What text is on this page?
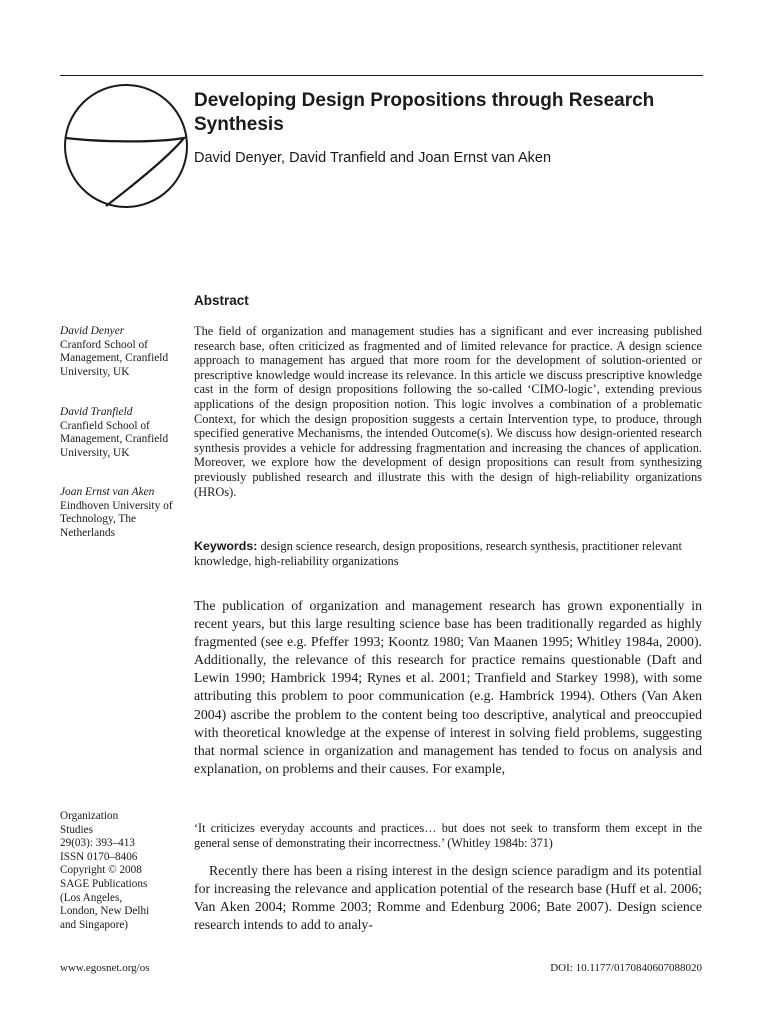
Developing Design Propositions through Research Synthesis

David Denyer, David Tranfield and Joan Ernst van Aken

Abstract

The field of organization and management studies has a significant and ever increasing published research base, often criticized as fragmented and of limited relevance for practice. A design science approach to management has argued that more room for the development of solution-oriented or prescriptive knowledge would increase its relevance. In this article we discuss prescriptive knowledge cast in the form of design propositions following the so-called ‘CIMO-logic’, extending previous applications of the design proposition notion. This logic involves a combination of a problematic Context, for which the design proposition suggests a certain Intervention type, to produce, through specified generative Mechanisms, the intended Outcome(s). We discuss how design-oriented research synthesis provides a vehicle for addressing fragmentation and increasing the chances of application. Moreover, we explore how the development of design propositions can result from synthesizing previously published research and illustrate this with the design of high-reliability organizations (HROs).

Keywords: design science research, design propositions, research synthesis, practitioner relevant knowledge, high-reliability organizations

The publication of organization and management research has grown exponentially in recent years, but this large resulting science base has been traditionally regarded as highly fragmented (see e.g. Pfeffer 1993; Koontz 1980; Van Maanen 1995; Whitley 1984a, 2000). Additionally, the relevance of this research for practice remains questionable (Daft and Lewin 1990; Hambrick 1994; Rynes et al. 2001; Tranfield and Starkey 1998), with some attributing this problem to poor communication (e.g. Hambrick 1994). Others (Van Aken 2004) ascribe the problem to the content being too descriptive, analytical and preoccupied with theoretical knowledge at the expense of interest in solving field problems, suggesting that normal science in organization and management has tended to focus on analysis and explanation, on problems and their causes. For example,

‘It criticizes everyday accounts and practices… but does not seek to transform them except in the general sense of demonstrating their incorrectness.’ (Whitley 1984b: 371)

Recently there has been a rising interest in the design science paradigm and its potential for increasing the relevance and application potential of the research base (Huff et al. 2006; Van Aken 2004; Romme 2003; Romme and Edenburg 2006; Bate 2007). Design science research intends to add to analy-

David Denyer
Cranford School of Management, Cranfield University, UK
David Tranfield
Cranfield School of Management, Cranfield University, UK
Joan Ernst van Aken
Eindhoven University of Technology, The Netherlands
Organization
Studies
29(03): 393–413
ISSN 0170–8406
Copyright © 2008
SAGE Publications
(Los Angeles,
London, New Delhi
and Singapore)

www.egosnet.org/os	DOI: 10.1177/0170840607088020
